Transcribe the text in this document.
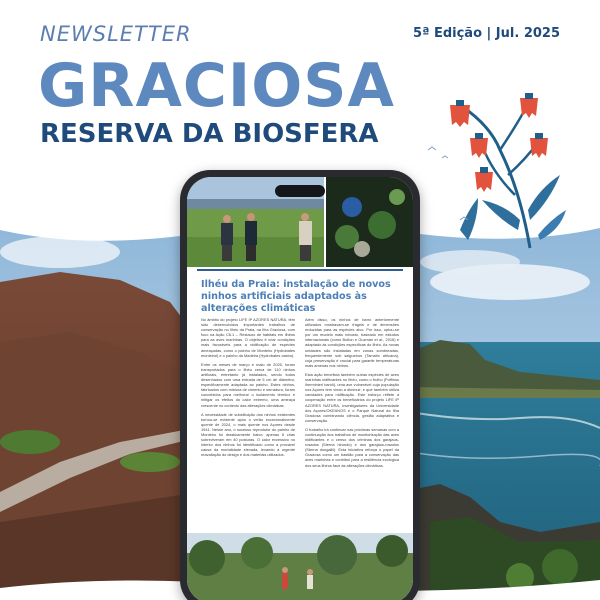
NEWSLETTER	5ª Edição | Jul. 2025
GRACIOSA
RESERVA DA BIOSFERA
Ilhéu da Praia: instalação de novos ninhos artificiais adaptados às alterações climáticas

No âmbito do projeto LIFE IP AZORES NATURA, têm sido desenvolvidos importantes trabalhos de conservação no Ilhéu da Praia, na Ilha Graciosa, com foco na Ação C6.1 – Restauro de habitats em ilhéus para as aves marinhas. O objetivo é criar condições mais favoráveis para a nidificação de espécies ameaçadas, como o painho de Monteiro (Hydrobates monteiroi) e o painho da Madeira (Hydrobates castro).

Entre os meses de março e maio de 2025, foram transportados para o Ilhéu cerca de 110 ninhos artificiais, entretanto já instalados, sendo todos desenhados com uma entrada de 5 cm de diâmetro, especificamente adaptada ao painho. Estes ninhos, fabricados com mistura de cimento e serradura, foram concebidos para melhorar o isolamento térmico e mitigar os efeitos do calor extremo, uma ameaça crescente no contexto das alterações climáticas.

A necessidade de substituição dos ninhos existentes tornou-se evidente após o verão excecionalmente quente de 2024, o mais quente nos Açores desde 1941. Nesse ano, o sucesso reprodutor do painho de Monteiro foi drasticamente baixo: apenas 6 crias sobreviveram em 40 posturas. O calor excessivo no interior dos ninhos foi identificado como a provável causa da mortalidade elevada, levando à urgente reavaliação do design e dos materiais utilizados.

Além disso, os ninhos de barro anteriormente utilizados mostravam-se frágeis e de dimensões reduzidas para as espécies alvo. Por isso, optou-se por um modelo mais robusto, baseado em estudos internacionais (como Bolton e Guzmán et al., 2016) e adaptado às condições específicas do Ilhéu. As novas unidades são instaladas em zonas sombreadas, frequentemente sob salgueiros (Tamarix africana), cuja preservação é crucial para garantir temperaturas mais amenas nos ninhos.

Esta ação beneficia também outras espécies de aves marinhas nidificantes no Ilhéu, como o frulho (Puffinus lherminieri baroli), uma ave vulnerável cuja população nos Açores tem vindo a diminuir, e que também utiliza cavidades para nidificação. Este esforço reflete a cooperação entre os beneficiários do projeto LIFE IP AZORES NATURA, investigadores da Universidade dos Açores/OKEANOS e o Parque Natural da Ilha Graciosa combinando ciência, gestão adaptativa e conservação.

O trabalho irá continuar nas próximas semanas com a continuação dos trabalhos de monitorização das aves nidificantes e o censo dos criminas dos garajaus-rosados (Sterna hirundo) e dos garajaus-rosados (Sterna dougallii). Esta iniciativa reforça o papel da Graciosa como um bastião para a conservação das aves marinhas e contribui para a resiliência ecológica dos seus ilhéus face às alterações climáticas.
